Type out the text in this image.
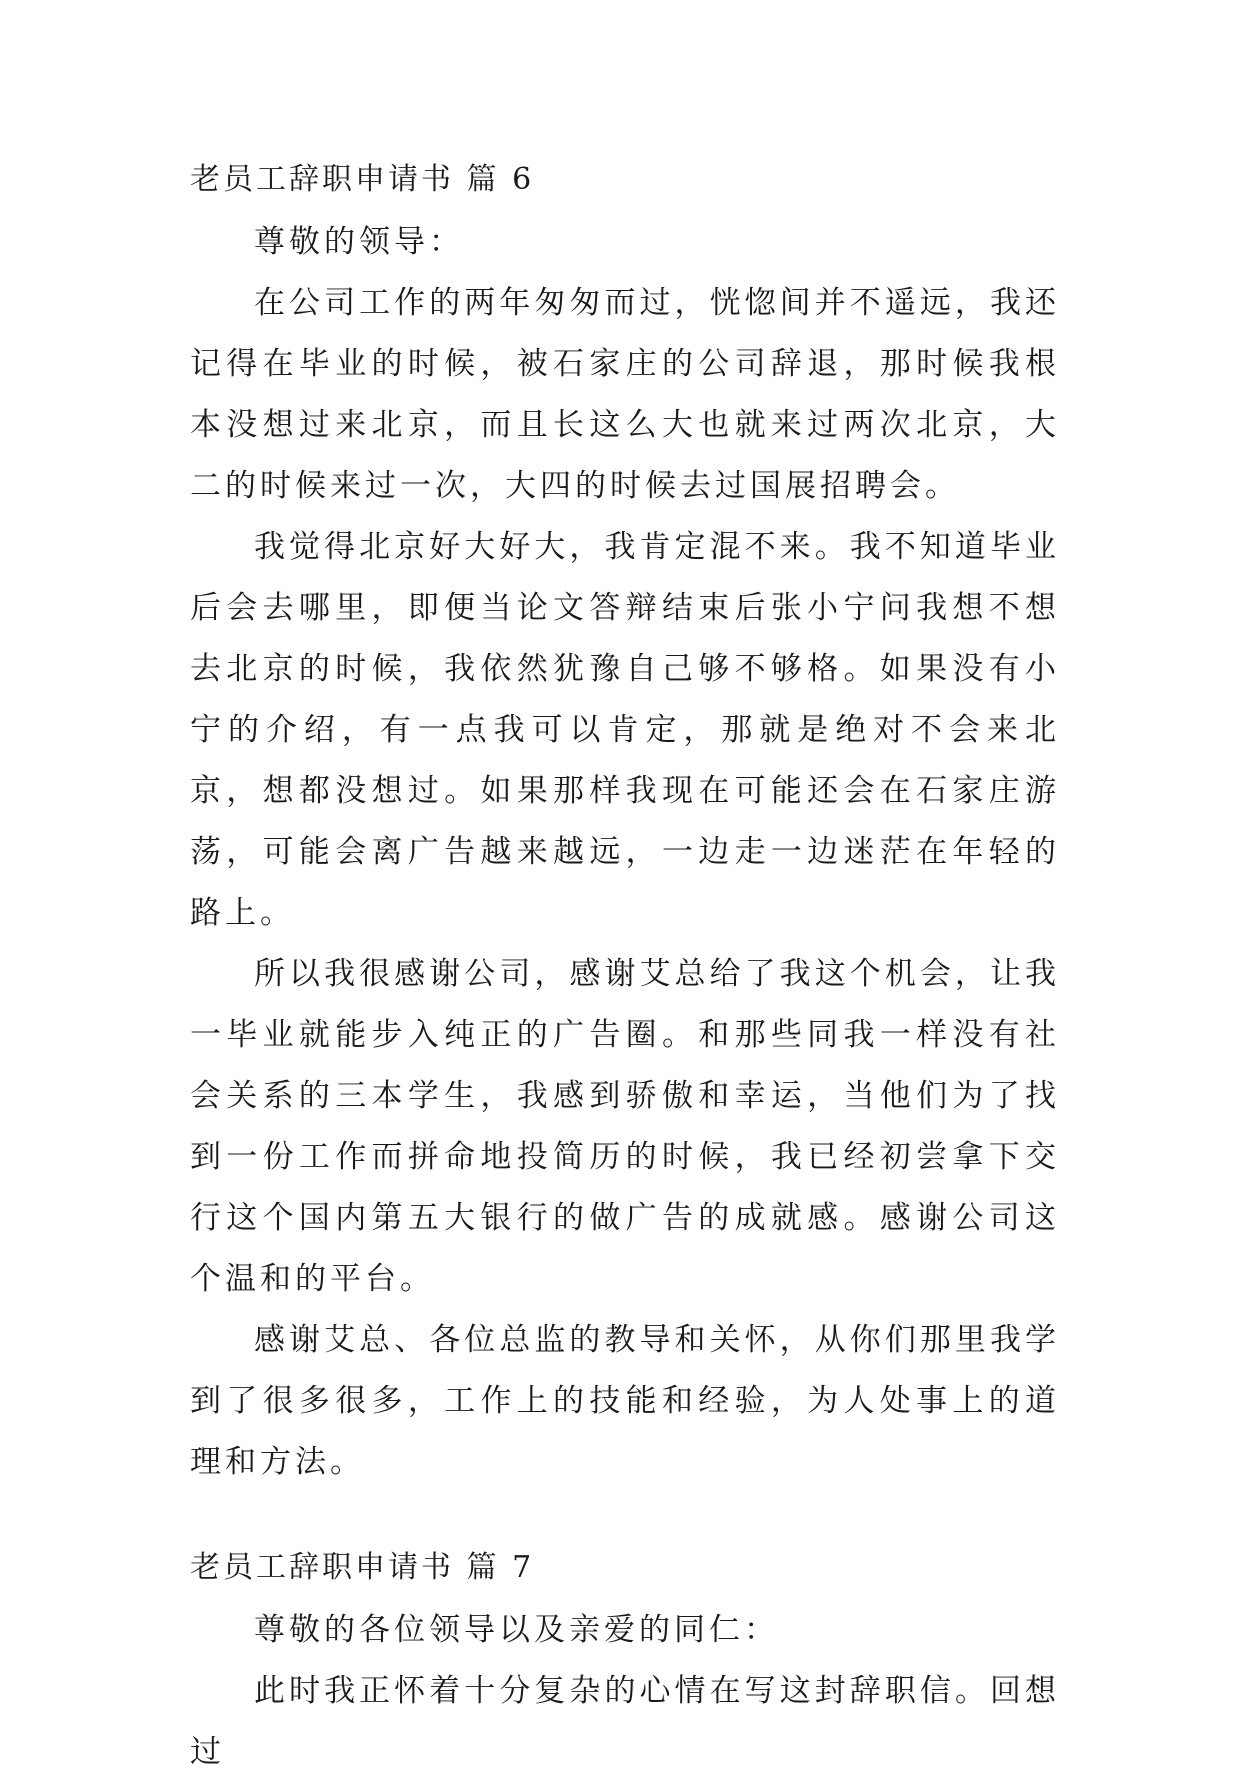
老员工辞职申请书 篇 6

尊敬的领导：

在公司工作的两年匆匆而过，恍惚间并不遥远，我还记得在毕业的时候，被石家庄的公司辞退，那时候我根本没想过来北京，而且长这么大也就来过两次北京，大二的时候来过一次，大四的时候去过国展招聘会。

我觉得北京好大好大，我肯定混不来。我不知道毕业后会去哪里，即便当论文答辩结束后张小宁问我想不想去北京的时候，我依然犹豫自己够不够格。如果没有小宁的介绍，有一点我可以肯定，那就是绝对不会来北京，想都没想过。如果那样我现在可能还会在石家庄游荡，可能会离广告越来越远，一边走一边迷茫在年轻的路上。

所以我很感谢公司，感谢艾总给了我这个机会，让我一毕业就能步入纯正的广告圈。和那些同我一样没有社会关系的三本学生，我感到骄傲和幸运，当他们为了找到一份工作而拼命地投简历的时候，我已经初尝拿下交行这个国内第五大银行的做广告的成就感。感谢公司这个温和的平台。

感谢艾总、各位总监的教导和关怀，从你们那里我学到了很多很多，工作上的技能和经验，为人处事上的道理和方法。

老员工辞职申请书 篇 7

尊敬的各位领导以及亲爱的同仁：

此时我正怀着十分复杂的心情在写这封辞职信。回想过
